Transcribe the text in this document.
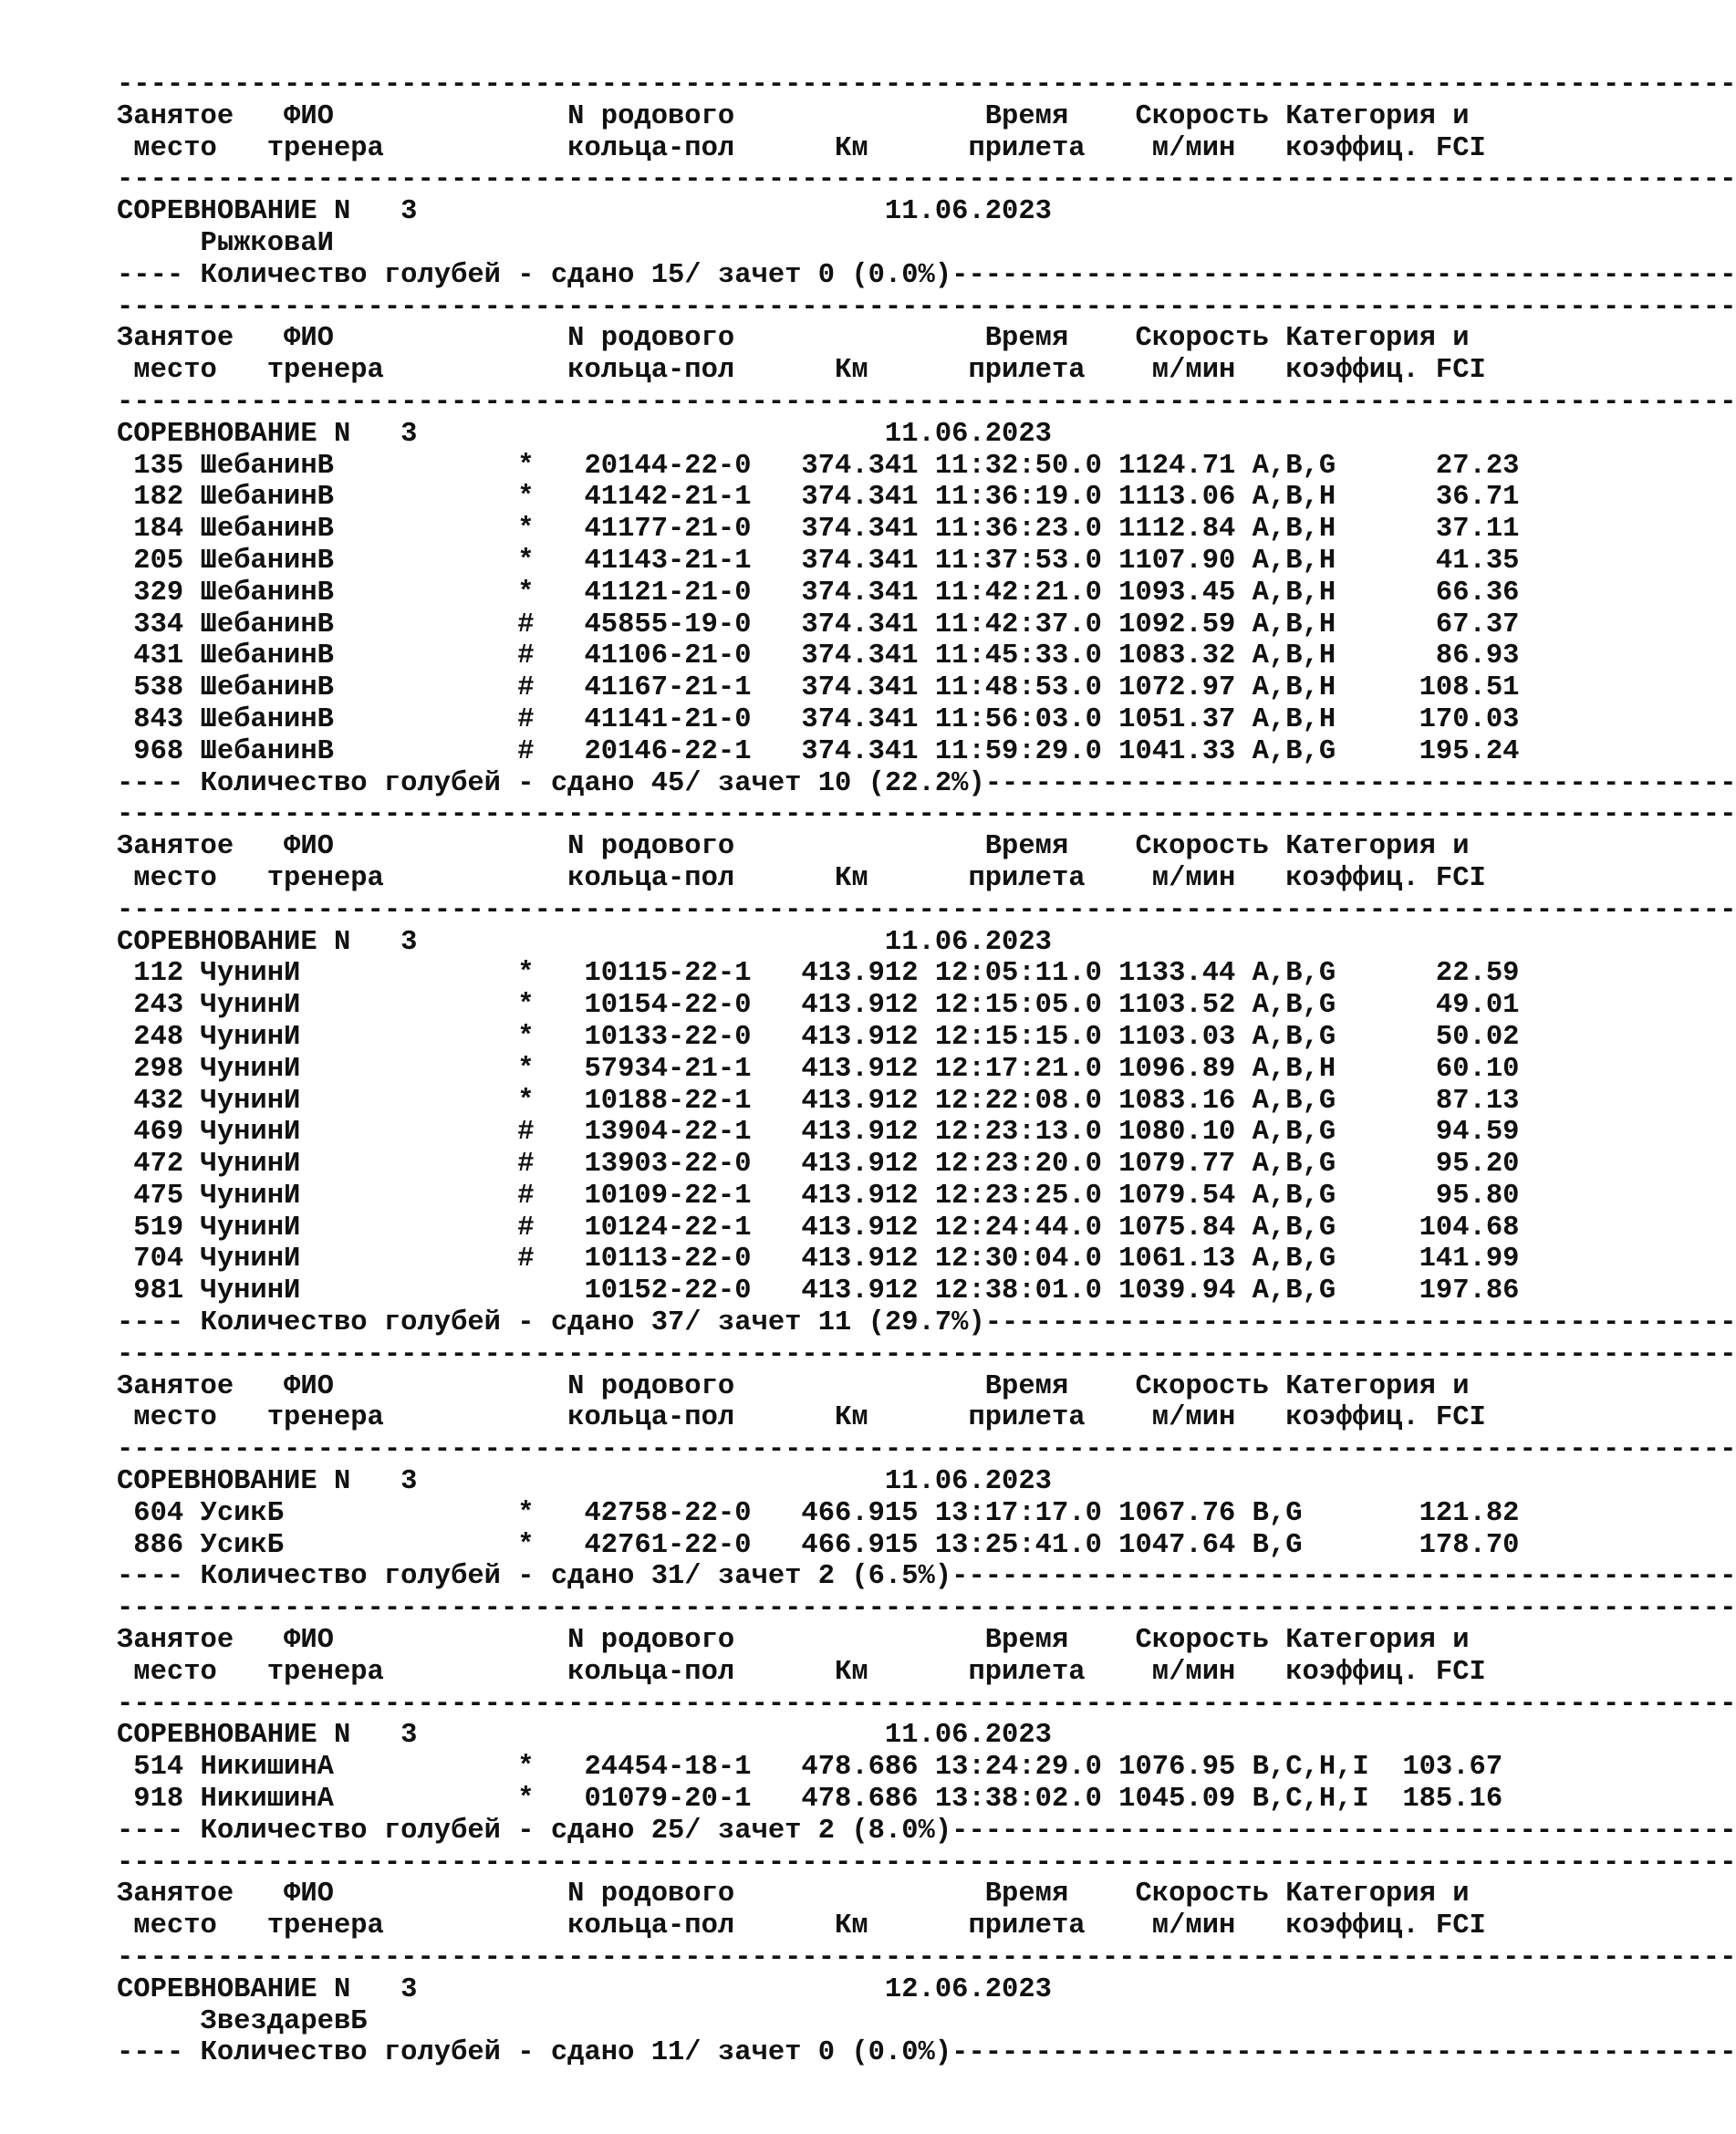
-------------------------------------------------------------------------------------------------
Занятое   ФИО              N родового               Время    Скорость Категория и
место   тренера           кольца-пол      Км      прилета    м/мин   коэффиц. FCI
-------------------------------------------------------------------------------------------------
СОРЕВНОВАНИЕ N   3                            11.06.2023
РыжковаИ
---- Количество голубей - сдано 15/ зачет 0 (0.0%)-----------------------------------------------
-------------------------------------------------------------------------------------------------
Занятое   ФИО              N родового               Время    Скорость Категория и
место   тренера           кольца-пол      Км      прилета    м/мин   коэффиц. FCI
-------------------------------------------------------------------------------------------------
СОРЕВНОВАНИЕ N   3                            11.06.2023
135 ШебанинВ           *   20144-22-0   374.341 11:32:50.0 1124.71 A,B,G      27.23
182 ШебанинВ           *   41142-21-1   374.341 11:36:19.0 1113.06 A,B,H      36.71
184 ШебанинВ           *   41177-21-0   374.341 11:36:23.0 1112.84 A,B,H      37.11
205 ШебанинВ           *   41143-21-1   374.341 11:37:53.0 1107.90 A,B,H      41.35
329 ШебанинВ           *   41121-21-0   374.341 11:42:21.0 1093.45 A,B,H      66.36
334 ШебанинВ           #   45855-19-0   374.341 11:42:37.0 1092.59 A,B,H      67.37
431 ШебанинВ           #   41106-21-0   374.341 11:45:33.0 1083.32 A,B,H      86.93
538 ШебанинВ           #   41167-21-1   374.341 11:48:53.0 1072.97 A,B,H     108.51
843 ШебанинВ           #   41141-21-0   374.341 11:56:03.0 1051.37 A,B,H     170.03
968 ШебанинВ           #   20146-22-1   374.341 11:59:29.0 1041.33 A,B,G     195.24
---- Количество голубей - сдано 45/ зачет 10 (22.2%)---------------------------------------------
-------------------------------------------------------------------------------------------------
Занятое   ФИО              N родового               Время    Скорость Категория и
место   тренера           кольца-пол      Км      прилета    м/мин   коэффиц. FCI
-------------------------------------------------------------------------------------------------
СОРЕВНОВАНИЕ N   3                            11.06.2023
112 ЧунинИ             *   10115-22-1   413.912 12:05:11.0 1133.44 A,B,G      22.59
243 ЧунинИ             *   10154-22-0   413.912 12:15:05.0 1103.52 A,B,G      49.01
248 ЧунинИ             *   10133-22-0   413.912 12:15:15.0 1103.03 A,B,G      50.02
298 ЧунинИ             *   57934-21-1   413.912 12:17:21.0 1096.89 A,B,H      60.10
432 ЧунинИ             *   10188-22-1   413.912 12:22:08.0 1083.16 A,B,G      87.13
469 ЧунинИ             #   13904-22-1   413.912 12:23:13.0 1080.10 A,B,G      94.59
472 ЧунинИ             #   13903-22-0   413.912 12:23:20.0 1079.77 A,B,G      95.20
475 ЧунинИ             #   10109-22-1   413.912 12:23:25.0 1079.54 A,B,G      95.80
519 ЧунинИ             #   10124-22-1   413.912 12:24:44.0 1075.84 A,B,G     104.68
704 ЧунинИ             #   10113-22-0   413.912 12:30:04.0 1061.13 A,B,G     141.99
981 ЧунинИ                 10152-22-0   413.912 12:38:01.0 1039.94 A,B,G     197.86
---- Количество голубей - сдано 37/ зачет 11 (29.7%)---------------------------------------------
-------------------------------------------------------------------------------------------------
Занятое   ФИО              N родового               Время    Скорость Категория и
место   тренера           кольца-пол      Км      прилета    м/мин   коэффиц. FCI
-------------------------------------------------------------------------------------------------
СОРЕВНОВАНИЕ N   3                            11.06.2023
604 УсикБ              *   42758-22-0   466.915 13:17:17.0 1067.76 B,G       121.82
886 УсикБ              *   42761-22-0   466.915 13:25:41.0 1047.64 B,G       178.70
---- Количество голубей - сдано 31/ зачет 2 (6.5%)-----------------------------------------------
-------------------------------------------------------------------------------------------------
Занятое   ФИО              N родового               Время    Скорость Категория и
место   тренера           кольца-пол      Км      прилета    м/мин   коэффиц. FCI
-------------------------------------------------------------------------------------------------
СОРЕВНОВАНИЕ N   3                            11.06.2023
514 НикишинА           *   24454-18-1   478.686 13:24:29.0 1076.95 B,C,H,I  103.67
918 НикишинА           *   01079-20-1   478.686 13:38:02.0 1045.09 B,C,H,I  185.16
---- Количество голубей - сдано 25/ зачет 2 (8.0%)-----------------------------------------------
-------------------------------------------------------------------------------------------------
Занятое   ФИО              N родового               Время    Скорость Категория и
место   тренера           кольца-пол      Км      прилета    м/мин   коэффиц. FCI
-------------------------------------------------------------------------------------------------
СОРЕВНОВАНИЕ N   3                            12.06.2023
ЗвездаревБ
---- Количество голубей - сдано 11/ зачет 0 (0.0%)-----------------------------------------------
